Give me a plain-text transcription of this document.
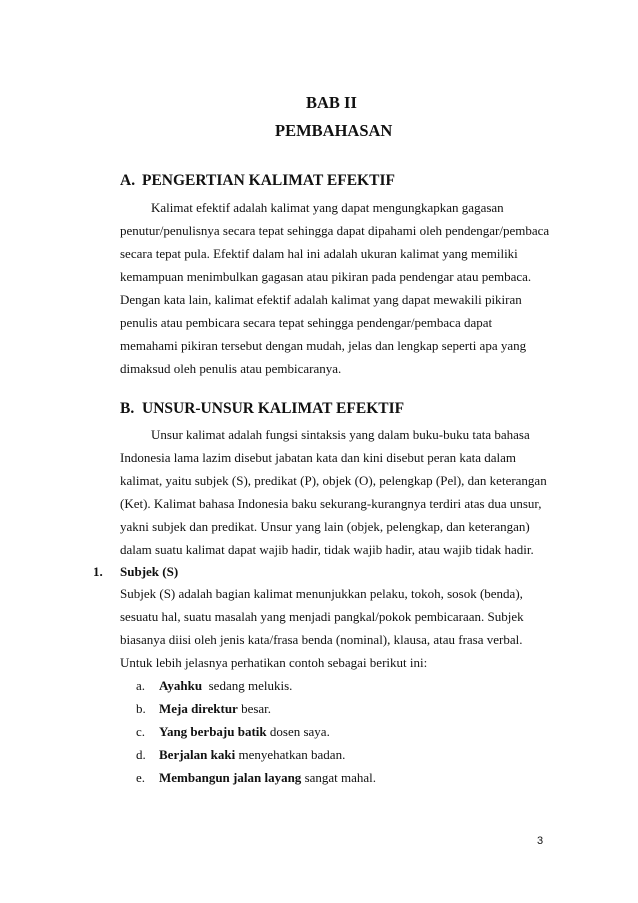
BAB II
PEMBAHASAN
A. PENGERTIAN KALIMAT EFEKTIF
Kalimat efektif adalah kalimat yang dapat mengungkapkan gagasan
penutur/penulisnya secara tepat sehingga dapat dipahami oleh pendengar/pembaca
secara tepat pula. Efektif dalam hal ini adalah ukuran kalimat yang memiliki
kemampuan menimbulkan gagasan atau pikiran pada pendengar atau pembaca.
Dengan kata lain, kalimat efektif adalah kalimat yang dapat mewakili pikiran
penulis atau pembicara secara tepat sehingga pendengar/pembaca dapat
memahami pikiran tersebut dengan mudah, jelas dan lengkap seperti apa yang
dimaksud oleh penulis atau pembicaranya.
B. UNSUR-UNSUR KALIMAT EFEKTIF
Unsur kalimat adalah fungsi sintaksis yang dalam buku-buku tata bahasa
Indonesia lama lazim disebut jabatan kata dan kini disebut peran kata dalam
kalimat, yaitu subjek (S), predikat (P), objek (O), pelengkap (Pel), dan keterangan
(Ket). Kalimat bahasa Indonesia baku sekurang-kurangnya terdiri atas dua unsur,
yakni subjek dan predikat. Unsur yang lain (objek, pelengkap, dan keterangan)
dalam suatu kalimat dapat wajib hadir, tidak wajib hadir, atau wajib tidak hadir.
1. Subjek (S)
Subjek (S) adalah bagian kalimat menunjukkan pelaku, tokoh, sosok (benda),
sesuatu hal, suatu masalah yang menjadi pangkal/pokok pembicaraan. Subjek
biasanya diisi oleh jenis kata/frasa benda (nominal), klausa, atau frasa verbal.
Untuk lebih jelasnya perhatikan contoh sebagai berikut ini:
a. Ayahku  sedang melukis.
b. Meja direktur besar.
c. Yang berbaju batik dosen saya.
d. Berjalan kaki menyehatkan badan.
e. Membangun jalan layang sangat mahal.
3
